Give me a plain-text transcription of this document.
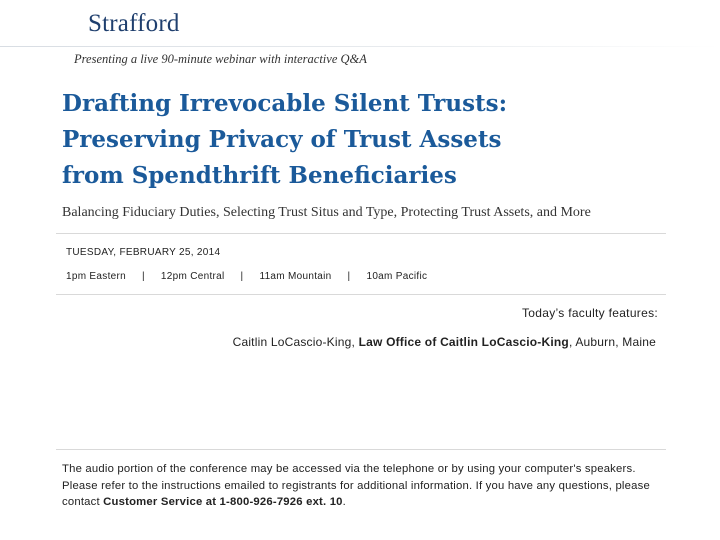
Strafford
Presenting a live 90-minute webinar with interactive Q&A
Drafting Irrevocable Silent Trusts:
Preserving Privacy of Trust Assets
from Spendthrift Beneficiaries
Balancing Fiduciary Duties, Selecting Trust Situs and Type, Protecting Trust Assets, and More
TUESDAY, FEBRUARY 25, 2014
1pm Eastern | 12pm Central | 11am Mountain | 10am Pacific
Today’s faculty features:
Caitlin LoCascio-King, Law Office of Caitlin LoCascio-King, Auburn, Maine
The audio portion of the conference may be accessed via the telephone or by using your computer's speakers. Please refer to the instructions emailed to registrants for additional information. If you have any questions, please contact Customer Service at 1-800-926-7926 ext. 10.
